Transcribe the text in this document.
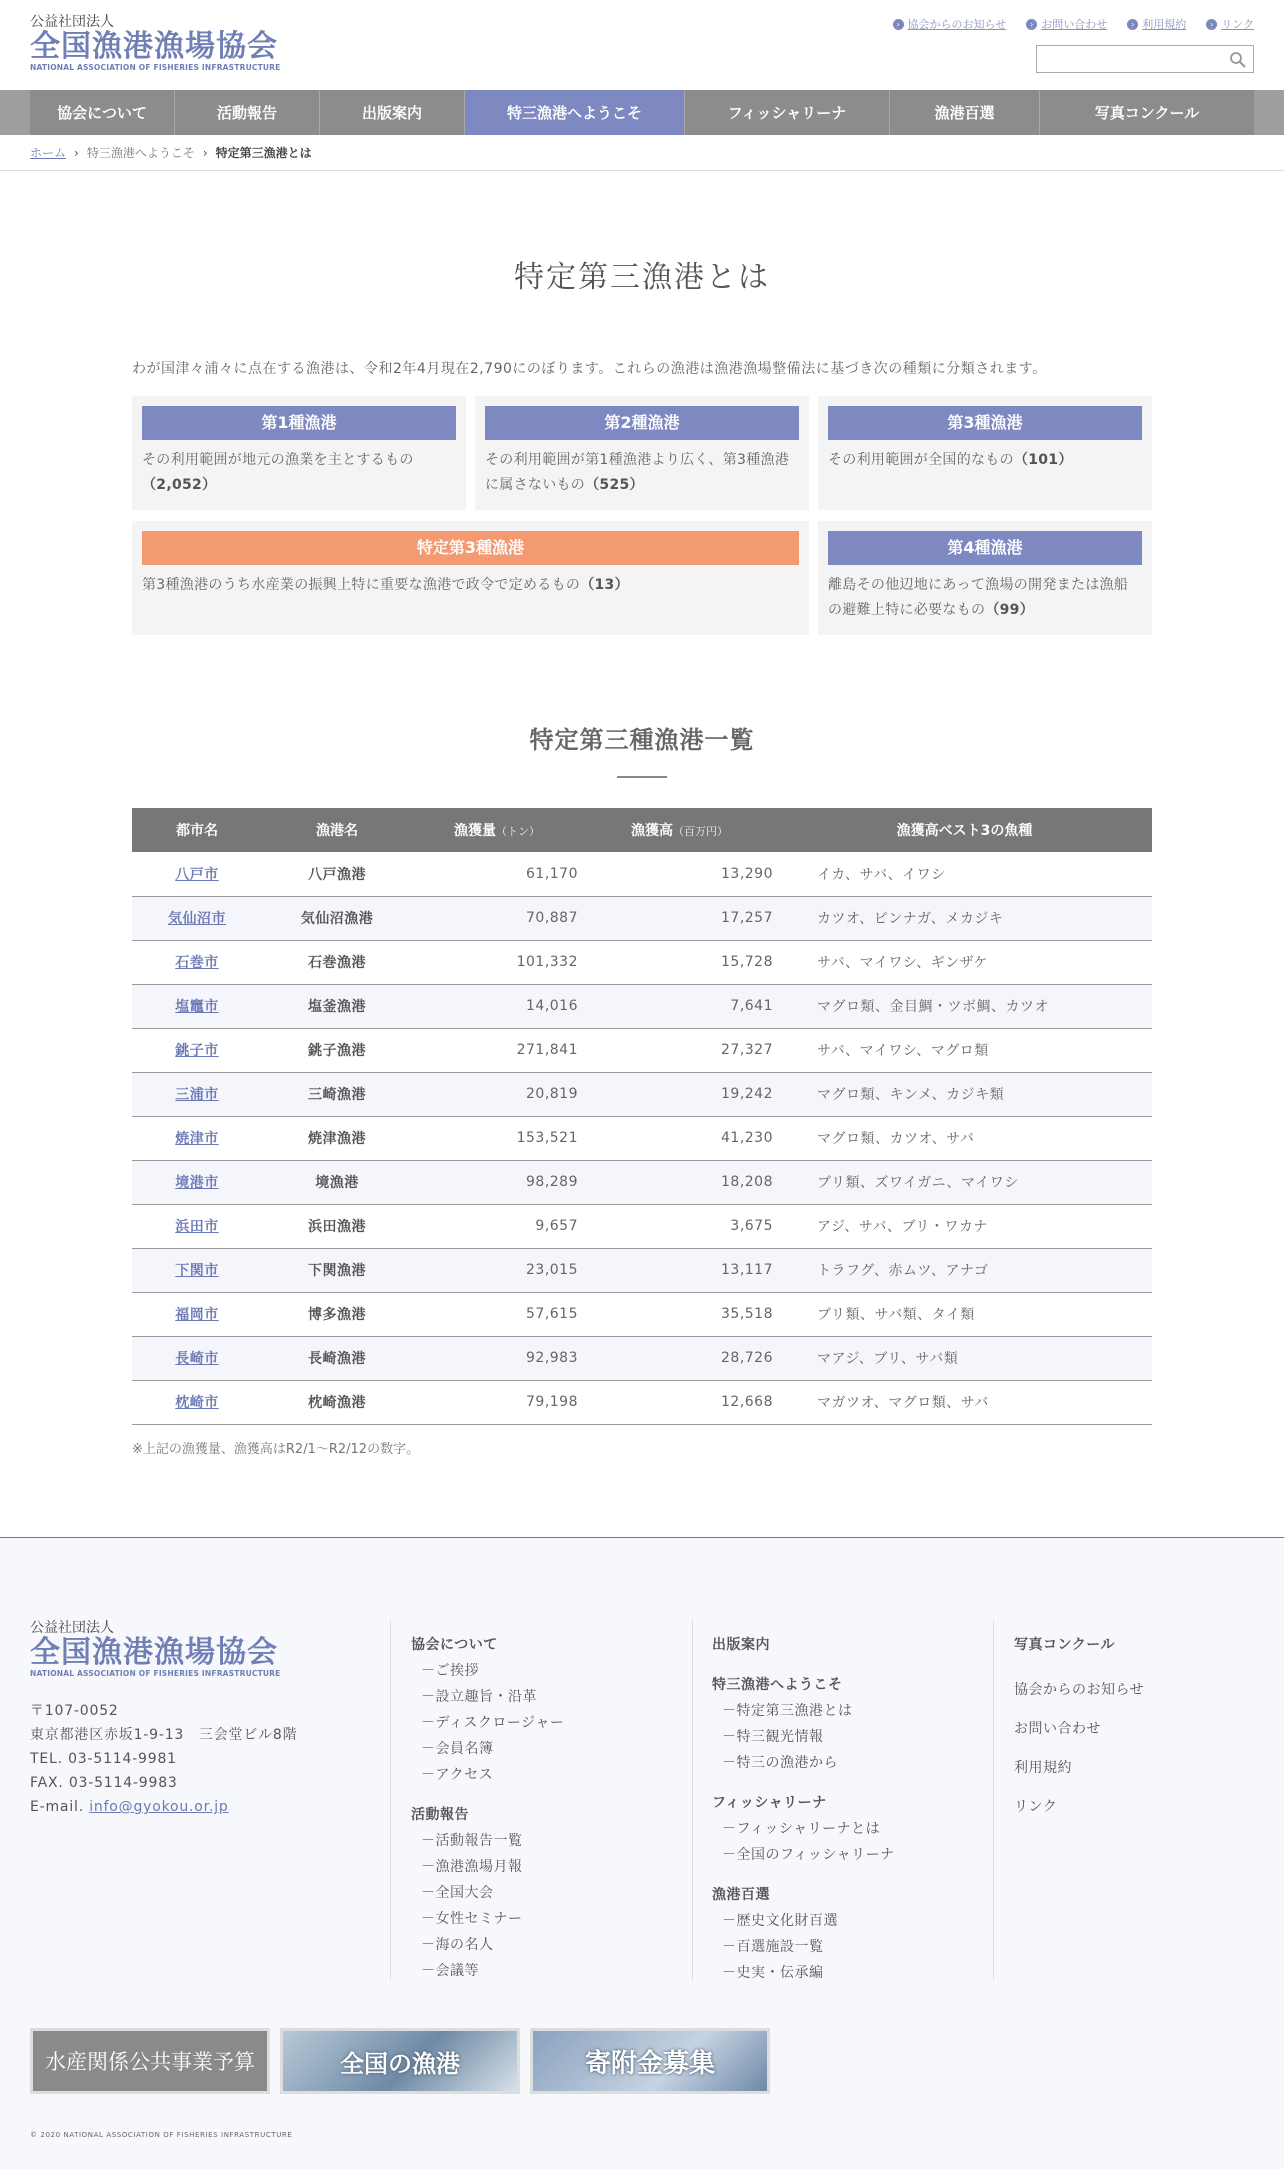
公益社団法人
全国漁港漁場協会
NATIONAL ASSOCIATION OF FISHERIES INFRASTRUCTURE
› 協会からのお知らせ	› お問い合わせ	› 利用規約	› リンク
協会について	活動報告	出版案内	特三漁港へようこそ	フィッシャリーナ	漁港百選	写真コンクール
ホーム › 特三漁港へようこそ › 特定第三漁港とは
特定第三漁港とは

わが国津々浦々に点在する漁港は、令和2年4月現在2,790にのぼります。これらの漁港は漁港漁場整備法に基づき次の種類に分類されます。

第1種漁港
その利用範囲が地元の漁業を主とするもの（2,052）
第2種漁港
その利用範囲が第1種漁港より広く、第3種漁港に属さないもの（525）
第3種漁港
その利用範囲が全国的なもの（101）
特定第3種漁港
第3種漁港のうち水産業の振興上特に重要な漁港で政令で定めるもの（13）
第4種漁港
離島その他辺地にあって漁場の開発または漁船の避難上特に必要なもの（99）
特定第三種漁港一覧
都市名	漁港名	漁獲量（トン）	漁獲高（百万円）	漁獲高ベスト3の魚種
八戸市	八戸漁港	61,170	13,290	イカ、サバ、イワシ
気仙沼市	気仙沼漁港	70,887	17,257	カツオ、ビンナガ、メカジキ
石巻市	石巻漁港	101,332	15,728	サバ、マイワシ、ギンザケ
塩竈市	塩釜漁港	14,016	7,641	マグロ類、金目鯛・ツボ鯛、カツオ
銚子市	銚子漁港	271,841	27,327	サバ、マイワシ、マグロ類
三浦市	三崎漁港	20,819	19,242	マグロ類、キンメ、カジキ類
焼津市	焼津漁港	153,521	41,230	マグロ類、カツオ、サバ
境港市	境漁港	98,289	18,208	ブリ類、ズワイガニ、マイワシ
浜田市	浜田漁港	9,657	3,675	アジ、サバ、ブリ・ワカナ
下関市	下関漁港	23,015	13,117	トラフグ、赤ムツ、アナゴ
福岡市	博多漁港	57,615	35,518	ブリ類、サバ類、タイ類
長崎市	長崎漁港	92,983	28,726	マアジ、ブリ、サバ類
枕崎市	枕崎漁港	79,198	12,668	マガツオ、マグロ類、サバ

※上記の漁獲量、漁獲高はR2/1～R2/12の数字。

公益社団法人
全国漁港漁場協会
NATIONAL ASSOCIATION OF FISHERIES INFRASTRUCTURE
〒107-0052
東京都港区赤坂1-9-13　三会堂ビル8階
TEL. 03-5114-9981
FAX. 03-5114-9983
E-mail. info@gyokou.or.jp
協会について
－ご挨拶
－設立趣旨・沿革
－ディスクロージャー
－会員名簿
－アクセス
活動報告
－活動報告一覧
－漁港漁場月報
－全国大会
－女性セミナー
－海の名人
－会議等
出版案内
特三漁港へようこそ
－特定第三漁港とは
－特三観光情報
－特三の漁港から
フィッシャリーナ
－フィッシャリーナとは
－全国のフィッシャリーナ
漁港百選
－歴史文化財百選
－百選施設一覧
－史実・伝承編
写真コンクール
協会からのお知らせ
お問い合わせ
利用規約
リンク
水産関係公共事業予算	全国の漁港	寄附金募集
© 2020 NATIONAL ASSOCIATION OF FISHERIES INFRASTRUCTURE
